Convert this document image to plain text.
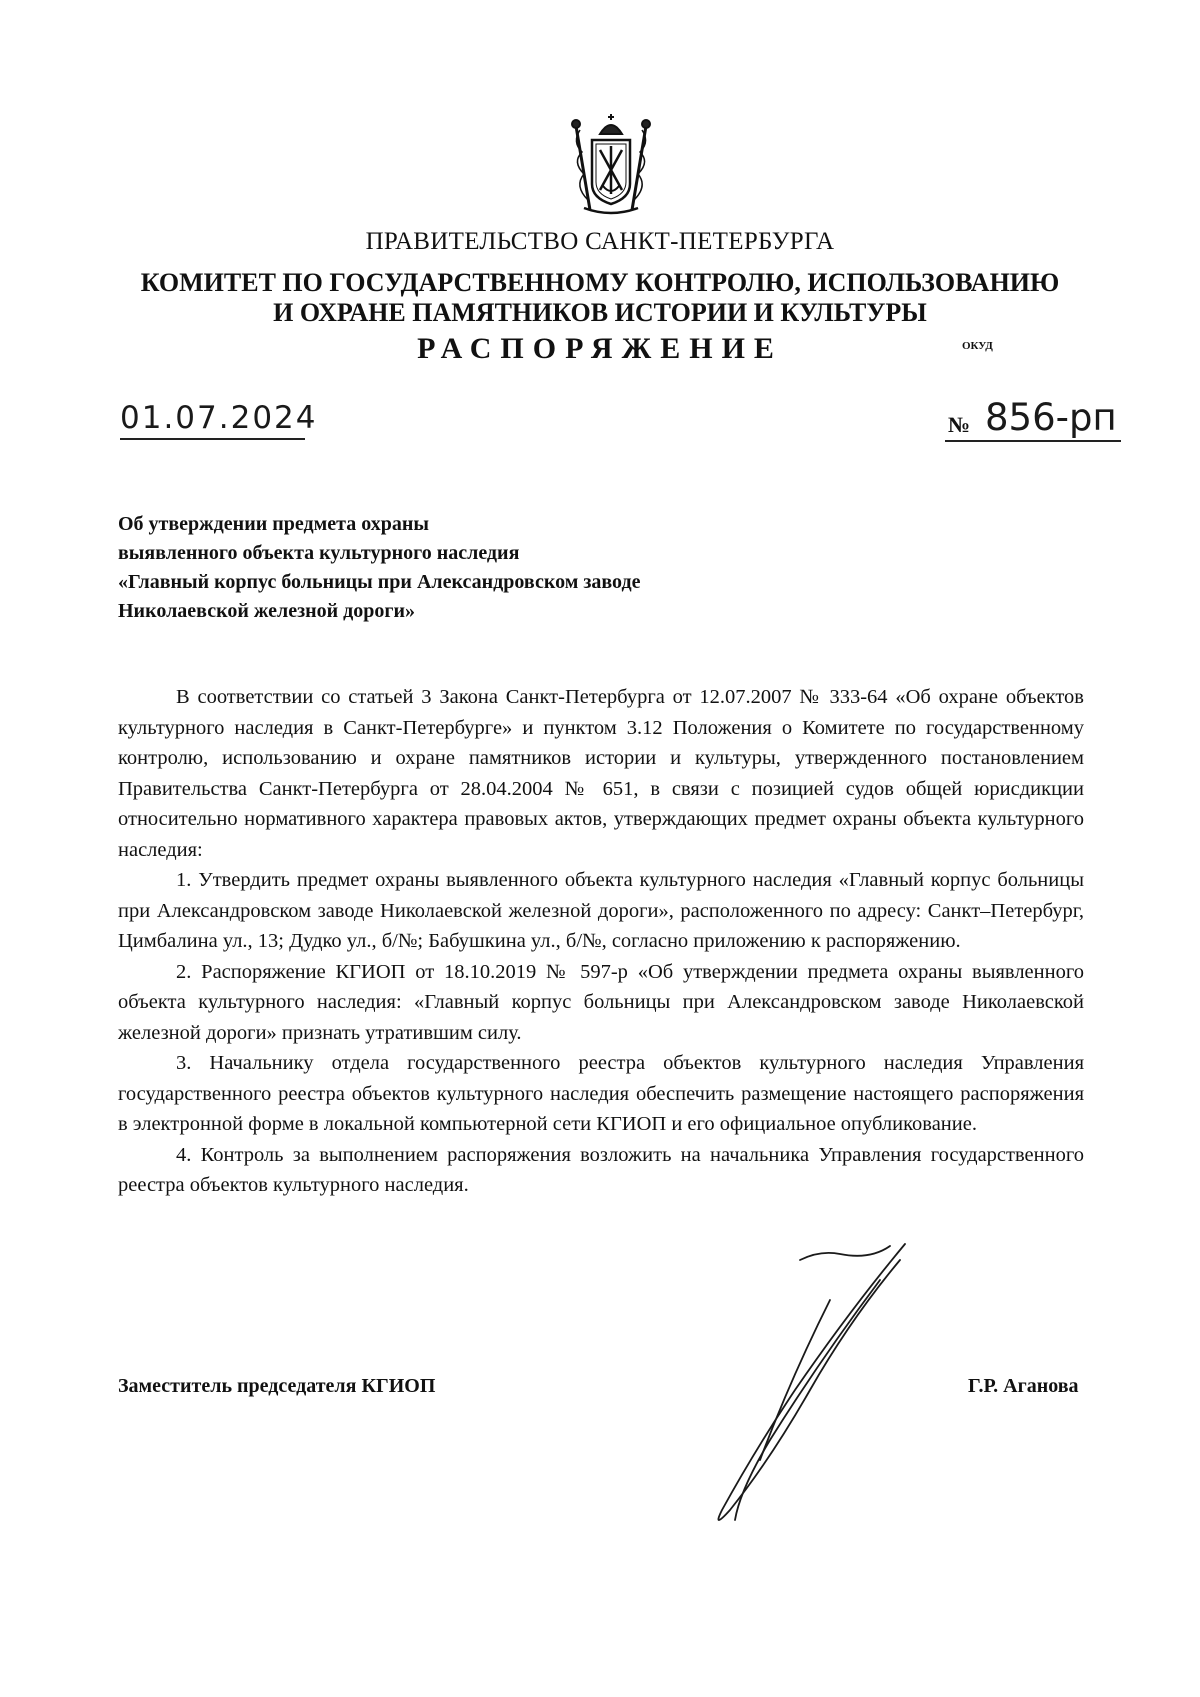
ПРАВИТЕЛЬСТВО САНКТ-ПЕТЕРБУРГА
КОМИТЕТ ПО ГОСУДАРСТВЕННОМУ КОНТРОЛЮ, ИСПОЛЬЗОВАНИЮ
И ОХРАНЕ ПАМЯТНИКОВ ИСТОРИИ И КУЛЬТУРЫ
РАСПОРЯЖЕНИЕ	ОКУД
01.07.2024	№ 856-рп
Об утверждении предмета охраны
выявленного объекта культурного наследия
«Главный корпус больницы при Александровском заводе
Николаевской железной дороги»

В соответствии со статьей 3 Закона Санкт-Петербурга от 12.07.2007 № 333-64 «Об охране объектов культурного наследия в Санкт-Петербурге» и пунктом 3.12 Положения о Комитете по государственному контролю, использованию и охране памятников истории и культуры, утвержденного постановлением Правительства Санкт-Петербурга от 28.04.2004 № 651, в связи с позицией судов общей юрисдикции относительно нормативного характера правовых актов, утверждающих предмет охраны объекта культурного наследия:

1. Утвердить предмет охраны выявленного объекта культурного наследия «Главный корпус больницы при Александровском заводе Николаевской железной дороги», расположенного по адресу: Санкт–Петербург, Цимбалина ул., 13; Дудко ул., б/№; Бабушкина ул., б/№, согласно приложению к распоряжению.

2. Распоряжение КГИОП от 18.10.2019 № 597-р «Об утверждении предмета охраны выявленного объекта культурного наследия: «Главный корпус больницы при Александровском заводе Николаевской железной дороги» признать утратившим силу.

3. Начальнику отдела государственного реестра объектов культурного наследия Управления государственного реестра объектов культурного наследия обеспечить размещение настоящего распоряжения в электронной форме в локальной компьютерной сети КГИОП и его официальное опубликование.

4. Контроль за выполнением распоряжения возложить на начальника Управления государственного реестра объектов культурного наследия.

Заместитель председателя КГИОП	Г.Р. Аганова
